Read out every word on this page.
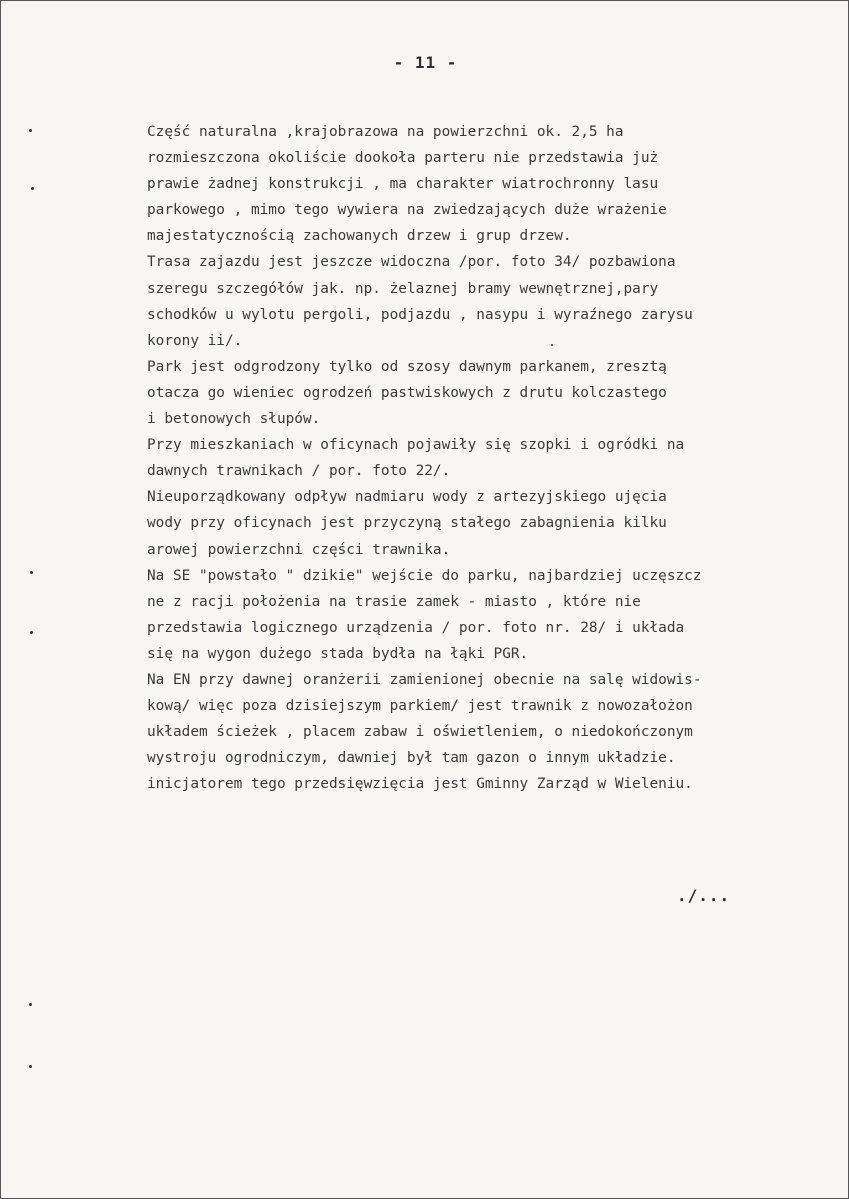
- 11 -
Część naturalna ,krajobrazowa na powierzchni ok. 2,5 ha
rozmieszczona okoliście dookoła parteru nie przedstawia już
prawie żadnej konstrukcji , ma charakter wiatrochronny lasu
parkowego , mimo tego wywiera na zwiedzających duże wrażenie
majestatycznością zachowanych drzew i grup drzew.
Trasa zajazdu jest jeszcze widoczna /por. foto 34/ pozbawiona
szeregu szczegółów jak. np. żelaznej bramy wewnętrznej,pary
schodków u wylotu pergoli, podjazdu , nasypu i wyraźnego zarysu
korony ii/.
Park jest odgrodzony tylko od szosy dawnym parkanem, zresztą
otacza go wieniec ogrodzeń pastwiskowych z drutu kolczastego
i betonowych słupów.
Przy mieszkaniach w oficynach pojawiły się szopki i ogródki na
dawnych trawnikach / por. foto 22/.
Nieuporządkowany odpływ nadmiaru wody z artezyjskiego ujęcia
wody przy oficynach jest przyczyną stałego zabagnienia kilku
arowej powierzchni części trawnika.
Na SE "powstało " dzikie" wejście do parku, najbardziej uczęszcz
ne z racji położenia na trasie zamek - miasto , które nie
przedstawia logicznego urządzenia / por. foto nr. 28/ i układa
się na wygon dużego stada bydła na łąki PGR.
Na EN przy dawnej oranżerii zamienionej obecnie na salę widowis-
kową/ więc poza dzisiejszym parkiem/ jest trawnik z nowozałożon
układem ścieżek , placem zabaw i oświetleniem, o niedokończonym
wystroju ogrodniczym, dawniej był tam gazon o innym układzie.
inicjatorem tego przedsięwzięcia jest Gminny Zarząd w Wieleniu.
./...
